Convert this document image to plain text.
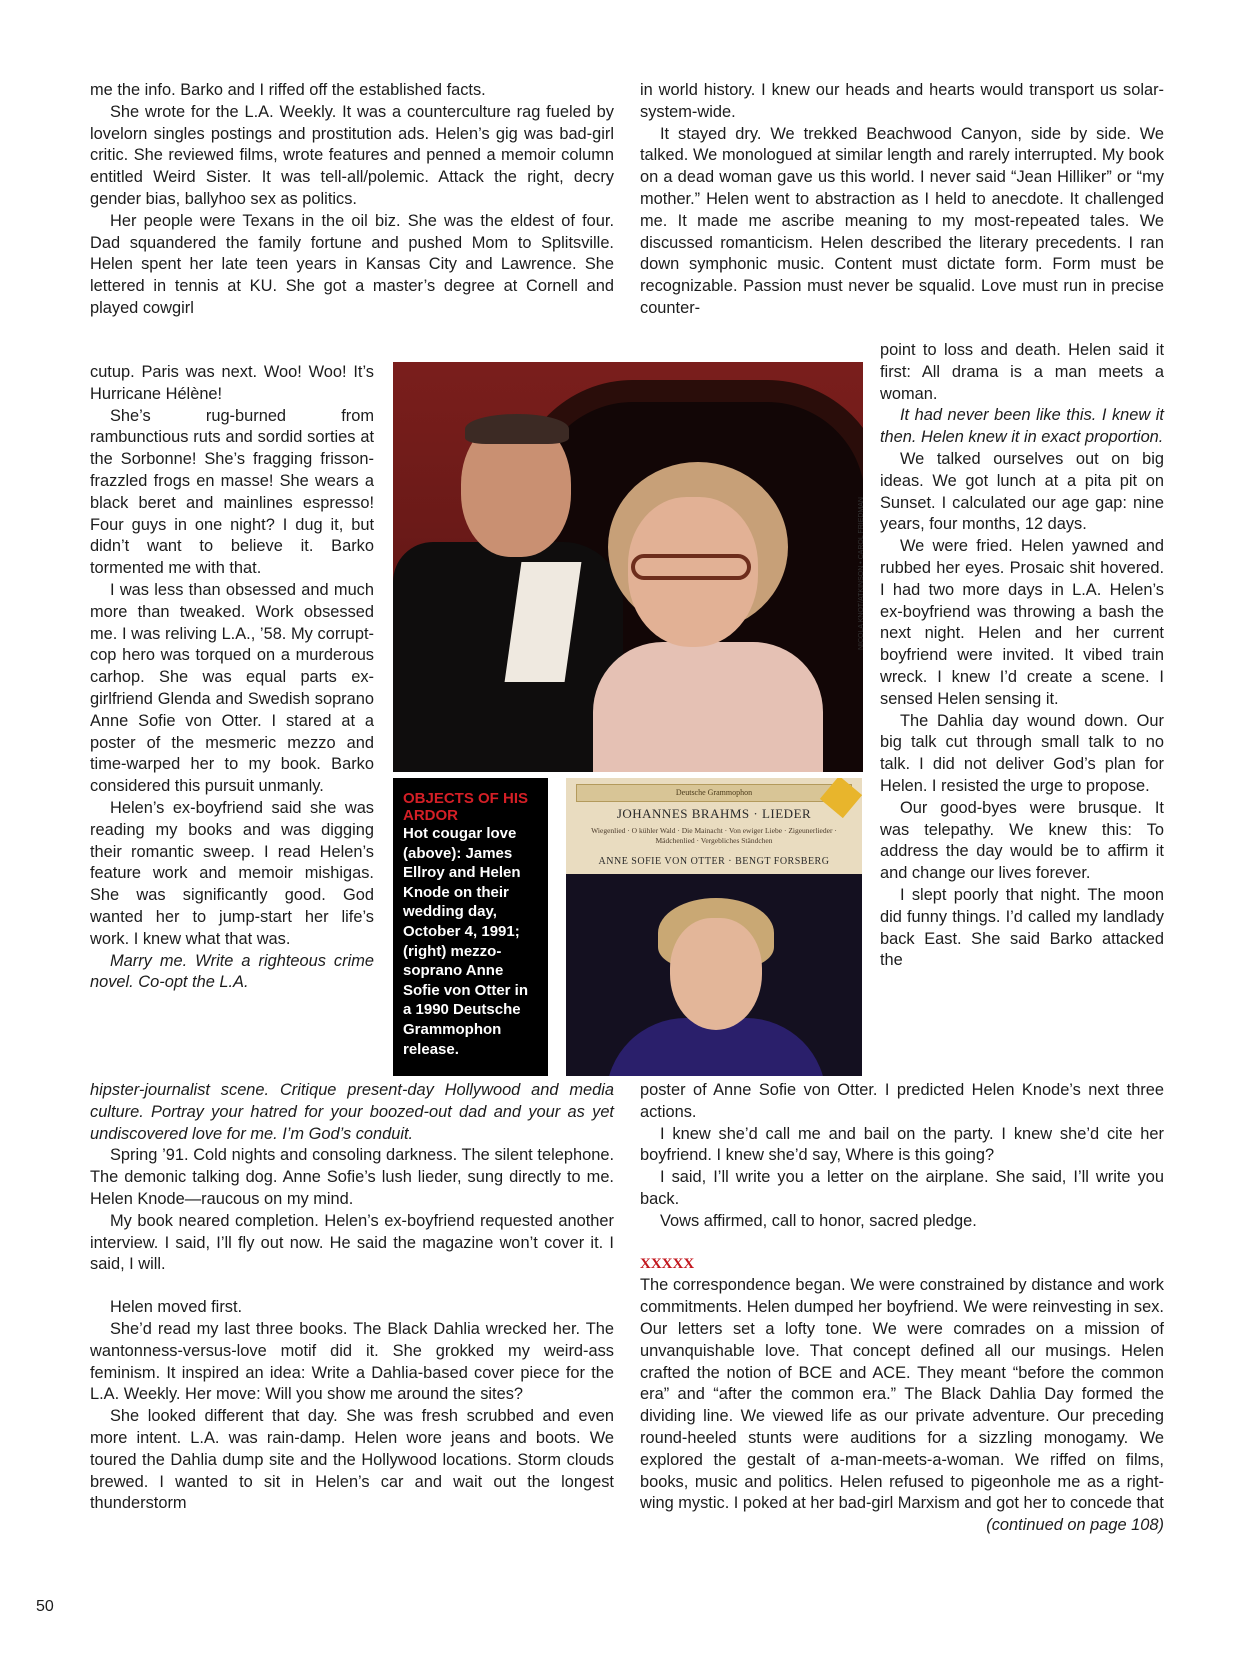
me the info. Barko and I riffed off the established facts.

She wrote for the L.A. Weekly. It was a counterculture rag fueled by lovelorn singles postings and prostitution ads. Helen’s gig was bad-girl critic. She reviewed films, wrote features and penned a memoir column entitled Weird Sister. It was tell-all/polemic. Attack the right, decry gender bias, ballyhoo sex as politics.

Her people were Texans in the oil biz. She was the eldest of four. Dad squandered the family fortune and pushed Mom to Splitsville. Helen spent her late teen years in Kansas City and Lawrence. She lettered in tennis at KU. She got a master’s degree at Cornell and played cowgirl

cutup. Paris was next. Woo! Woo! It’s Hurricane Hélène!

She’s rug-burned from rambunctious ruts and sordid sorties at the Sorbonne! She’s fragging frisson-frazzled frogs en masse! She wears a black beret and mainlines espresso! Four guys in one night? I dug it, but didn’t want to believe it. Barko tormented me with that.

I was less than obsessed and much more than tweaked. Work obsessed me. I was reliving L.A., ’58. My corrupt-cop hero was torqued on a murderous carhop. She was equal parts ex-girlfriend Glenda and Swedish soprano Anne Sofie von Otter. I stared at a poster of the mesmeric mezzo and time-warped her to my book. Barko considered this pursuit unmanly.

Helen’s ex-boyfriend said she was reading my books and was digging their romantic sweep. I read Helen’s feature work and memoir mishigas. She was significantly good. God wanted her to jump-start her life’s work. I knew what that was.

Marry me. Write a righteous crime novel. Co-opt the L.A.

hipster-journalist scene. Critique present-day Hollywood and media culture. Portray your hatred for your boozed-out dad and your as yet undiscovered love for me. I’m God’s conduit.

Spring ’91. Cold nights and consoling darkness. The silent telephone. The demonic talking dog. Anne Sofie’s lush lieder, sung directly to me. Helen Knode—raucous on my mind.

My book neared completion. Helen’s ex-boyfriend requested another interview. I said, I’ll fly out now. He said the magazine won’t cover it. I said, I will.

Helen moved first.

She’d read my last three books. The Black Dahlia wrecked her. The wantonness-versus-love motif did it. She grokked my weird-ass feminism. It inspired an idea: Write a Dahlia-based cover piece for the L.A. Weekly. Her move: Will you show me around the sites?

She looked different that day. She was fresh scrubbed and even more intent. L.A. was rain-damp. Helen wore jeans and boots. We toured the Dahlia dump site and the Hollywood locations. Storm clouds brewed. I wanted to sit in Helen’s car and wait out the longest thunderstorm

in world history. I knew our heads and hearts would transport us solar-system-wide.

It stayed dry. We trekked Beachwood Canyon, side by side. We talked. We monologued at similar length and rarely interrupted. My book on a dead woman gave us this world. I never said “Jean Hilliker” or “my mother.” Helen went to abstraction as I held to anecdote. It challenged me. It made me ascribe meaning to my most-repeated tales. We discussed romanticism. Helen described the literary precedents. I ran down symphonic music. Content must dictate form. Form must be recognizable. Passion must never be squalid. Love must run in precise counter-

point to loss and death. Helen said it first: All drama is a man meets a woman.

It had never been like this. I knew it then. Helen knew it in exact proportion.

We talked ourselves out on big ideas. We got lunch at a pita pit on Sunset. I calculated our age gap: nine years, four months, 12 days.

We were fried. Helen yawned and rubbed her eyes. Prosaic shit hovered. I had two more days in L.A. Helen’s ex-boyfriend was throwing a bash the next night. Helen and her current boyfriend were invited. It vibed train wreck. I knew I’d create a scene. I sensed Helen sensing it.

The Dahlia day wound down. Our big talk cut through small talk to no talk. I did not deliver God’s plan for Helen. I resisted the urge to propose.

Our good-byes were brusque. It was telepathy. We knew this: To address the day would be to affirm it and change our lives forever.

I slept poorly that night. The moon did funny things. I’d called my landlady back East. She said Barko attacked the

poster of Anne Sofie von Otter. I predicted Helen Knode’s next three actions.

I knew she’d call me and bail on the party. I knew she’d cite her boyfriend. I knew she’d say, Where is this going?

I said, I’ll write you a letter on the airplane. She said, I’ll write you back.

Vows affirmed, call to honor, sacred pledge.

XXXXX

The correspondence began. We were constrained by distance and work commitments. Helen dumped her boyfriend. We were reinvesting in sex. Our letters set a lofty tone. We were comrades on a mission of unvanquishable love. That concept defined all our musings. Helen crafted the notion of BCE and ACE. They meant “before the common era” and “after the common era.” The Black Dahlia Day formed the dividing line. We viewed life as our private adventure. Our preceding round-heeled stunts were auditions for a sizzling monogamy. We explored the gestalt of a-man-meets-a-woman. We riffed on films, books, music and politics. Helen refused to pigeonhole me as a right-wing mystic. I poked at her bad-girl Marxism and got her to concede that
(continued on page 108)

NICOLA KNOT/ATKINSON • CAROL FRIEDMAN
OBJECTS OF HIS ARDOR
Hot cougar love (above): James Ellroy and Helen Knode on their wedding day, October 4, 1991; (right) mezzo-soprano Anne Sofie von Otter in a 1990 Deutsche Grammophon release.
Deutsche Grammophon
JOHANNES BRAHMS · LIEDER
Wiegenlied · O kühler Wald · Die Mainacht · Von ewiger Liebe · Zigeunerlieder · Mädchenlied · Vergebliches Ständchen
ANNE SOFIE VON OTTER · BENGT FORSBERG
50
